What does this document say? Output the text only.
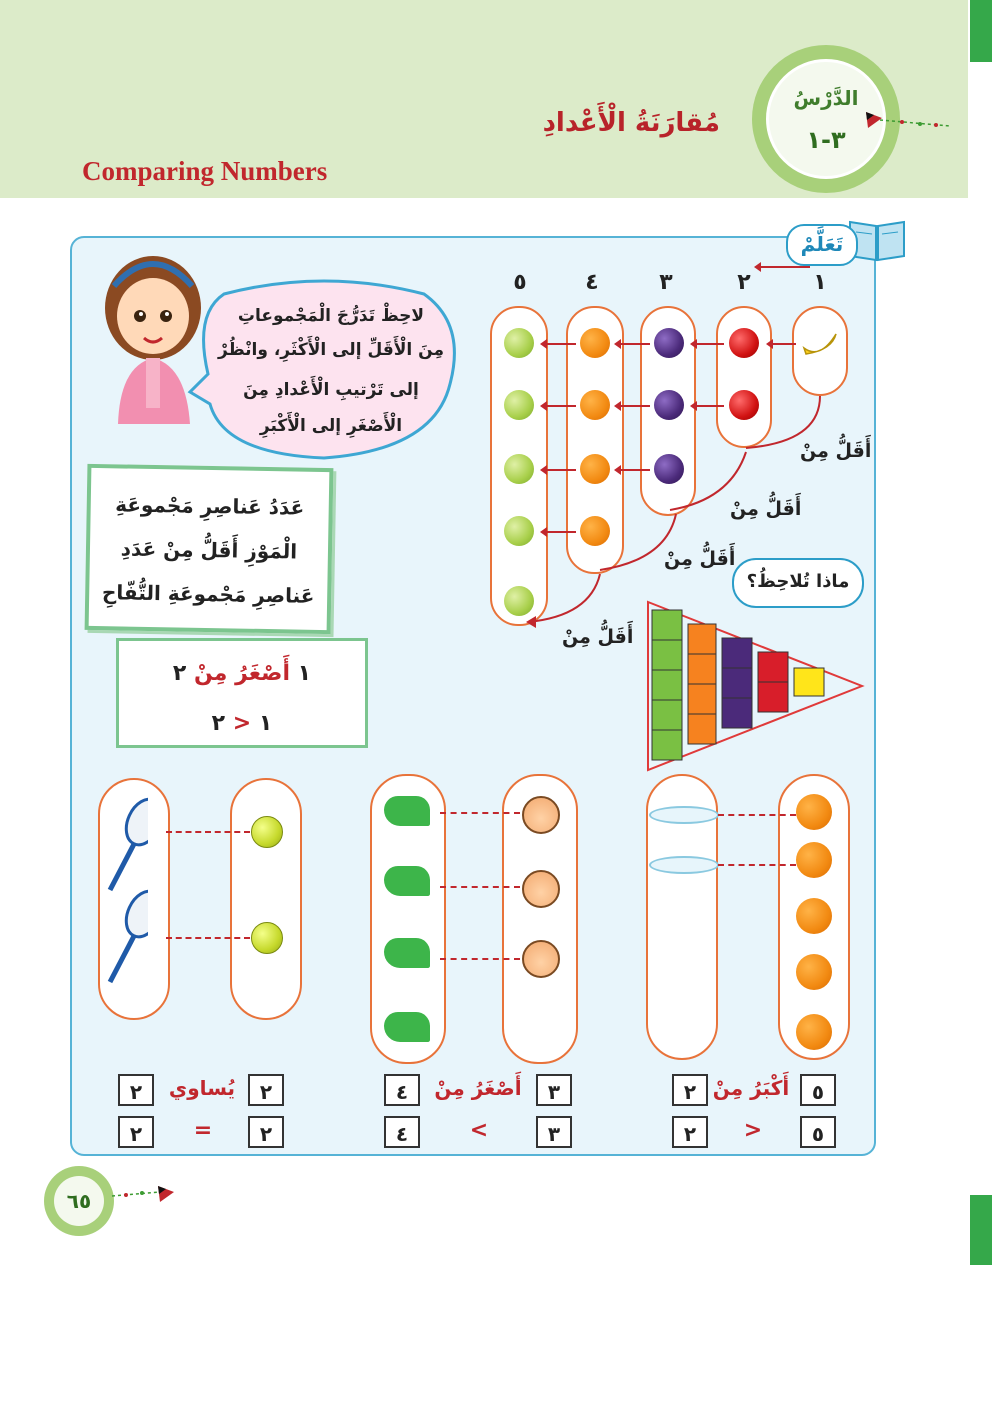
Comparing Numbers
مُقارَنَةُ الْأَعْدادِ
الدَّرْسُ
٣-١
تَعَلَّمْ
لاحِظْ تَدَرُّجَ الْمَجْموعاتِ
مِنَ الْأَقَلِّ إلى الْأَكْثَرِ، وانْظُرْ
إلى تَرْتيبِ الْأَعْدادِ مِنَ
الْأَصْغَرِ إلى الْأَكْبَرِ
١
٢
٣
٤
٥
أَقَلُّ مِنْ
أَقَلُّ مِنْ
أَقَلُّ مِنْ
أَقَلُّ مِنْ
ماذا تُلاحِظُ؟
عَدَدُ عَناصِرِ مَجْموعَةِ
الْمَوْزِ أَقَلُّ مِنْ عَدَدِ
عَناصِرِ مَجْموعَةِ التُّفّاحِ
١ أَصْغَرُ مِنْ ٢
١ < ٢
٥
أَكْبَرُ مِنْ
٢
٥
>
٢
٣
أَصْغَرُ مِنْ
٤
٣
<
٤
٢
يُساوي
٢
٢
=
٢
٦٥
